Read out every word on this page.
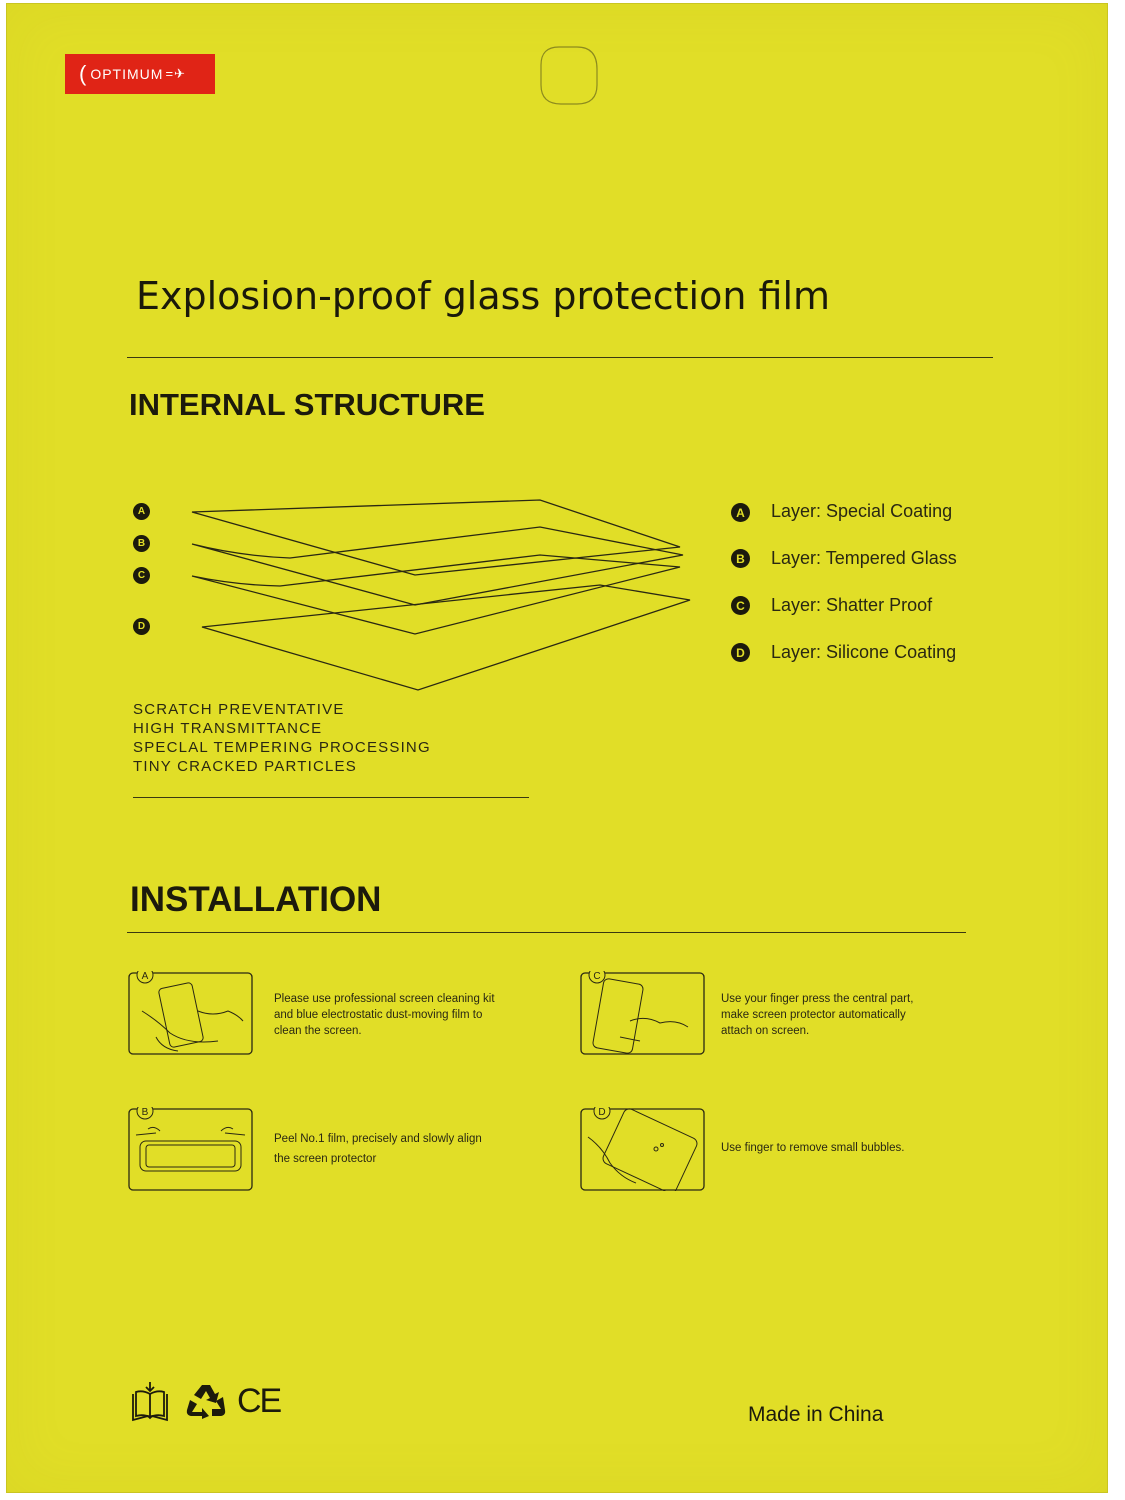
( OPTIMUM =✈
Explosion-proof glass protection film
INTERNAL STRUCTURE
A
B
C
D
A Layer: Special Coating
B Layer: Tempered Glass
C Layer: Shatter Proof
D Layer: Silicone Coating
SCRATCH PREVENTATIVE
HIGH TRANSMITTANCE
SPECLAL TEMPERING PROCESSING
TINY CRACKED PARTICLES
INSTALLATION
A
Please use professional screen cleaning kit
and blue electrostatic dust-moving film to
clean the screen.
B
Peel No.1 film, precisely and slowly align
the screen protector
C
Use your finger press the central part,
make screen protector automatically
attach on screen.
D
Use finger to remove small bubbles.
CE	Made in China
